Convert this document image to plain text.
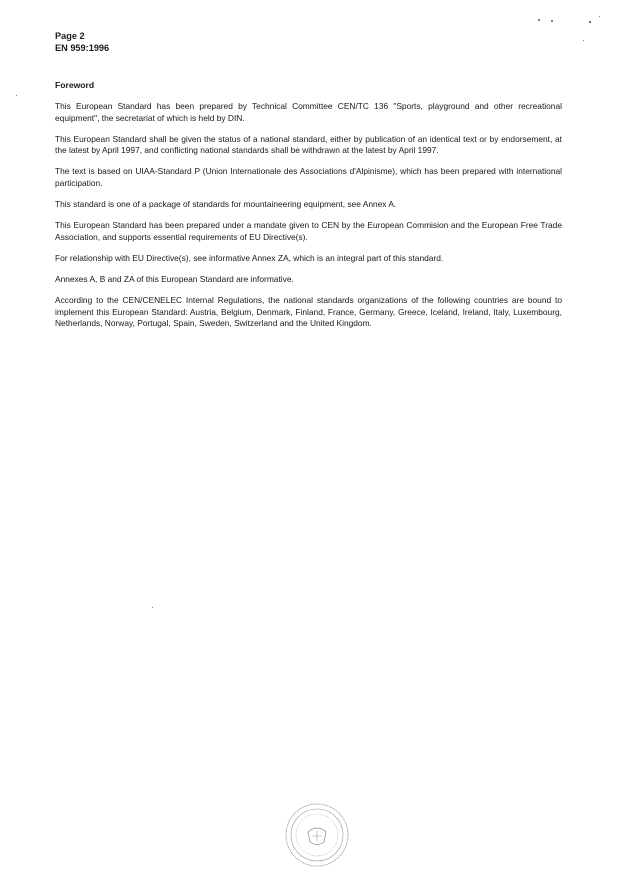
Page 2
EN 959:1996
Foreword

This European Standard has been prepared by Technical Committee CEN/TC 136 "Sports, playground and other recreational equipment", the secretariat of which is held by DIN.

This European Standard shall be given the status of a national standard, either by publication of an identical text or by endorsement, at the latest by April 1997, and conflicting national standards shall be withdrawn at the latest by April 1997.

The text is based on UIAA-Standard P (Union Internationale des Associations d'Alpinisme), which has been prepared with international participation.

This standard is one of a package of standards for mountaineering equipment, see Annex A.

This European Standard has been prepared under a mandate given to CEN by the European Commision and the European Free Trade Association, and supports essential requirements of EU Directive(s).

For relationship with EU Directive(s), see informative Annex ZA, which is an integral part of this standard.

Annexes A, B and ZA of this European Standard are informative.

According to the CEN/CENELEC Internal Regulations, the national standards organizations of the following countries are bound to implement this European Standard: Austria, Belgium, Denmark, Finland, France, Germany, Greece, Iceland, Ireland, Italy, Luxembourg, Netherlands, Norway, Portugal, Spain, Sweden, Switzerland and the United Kingdom.
